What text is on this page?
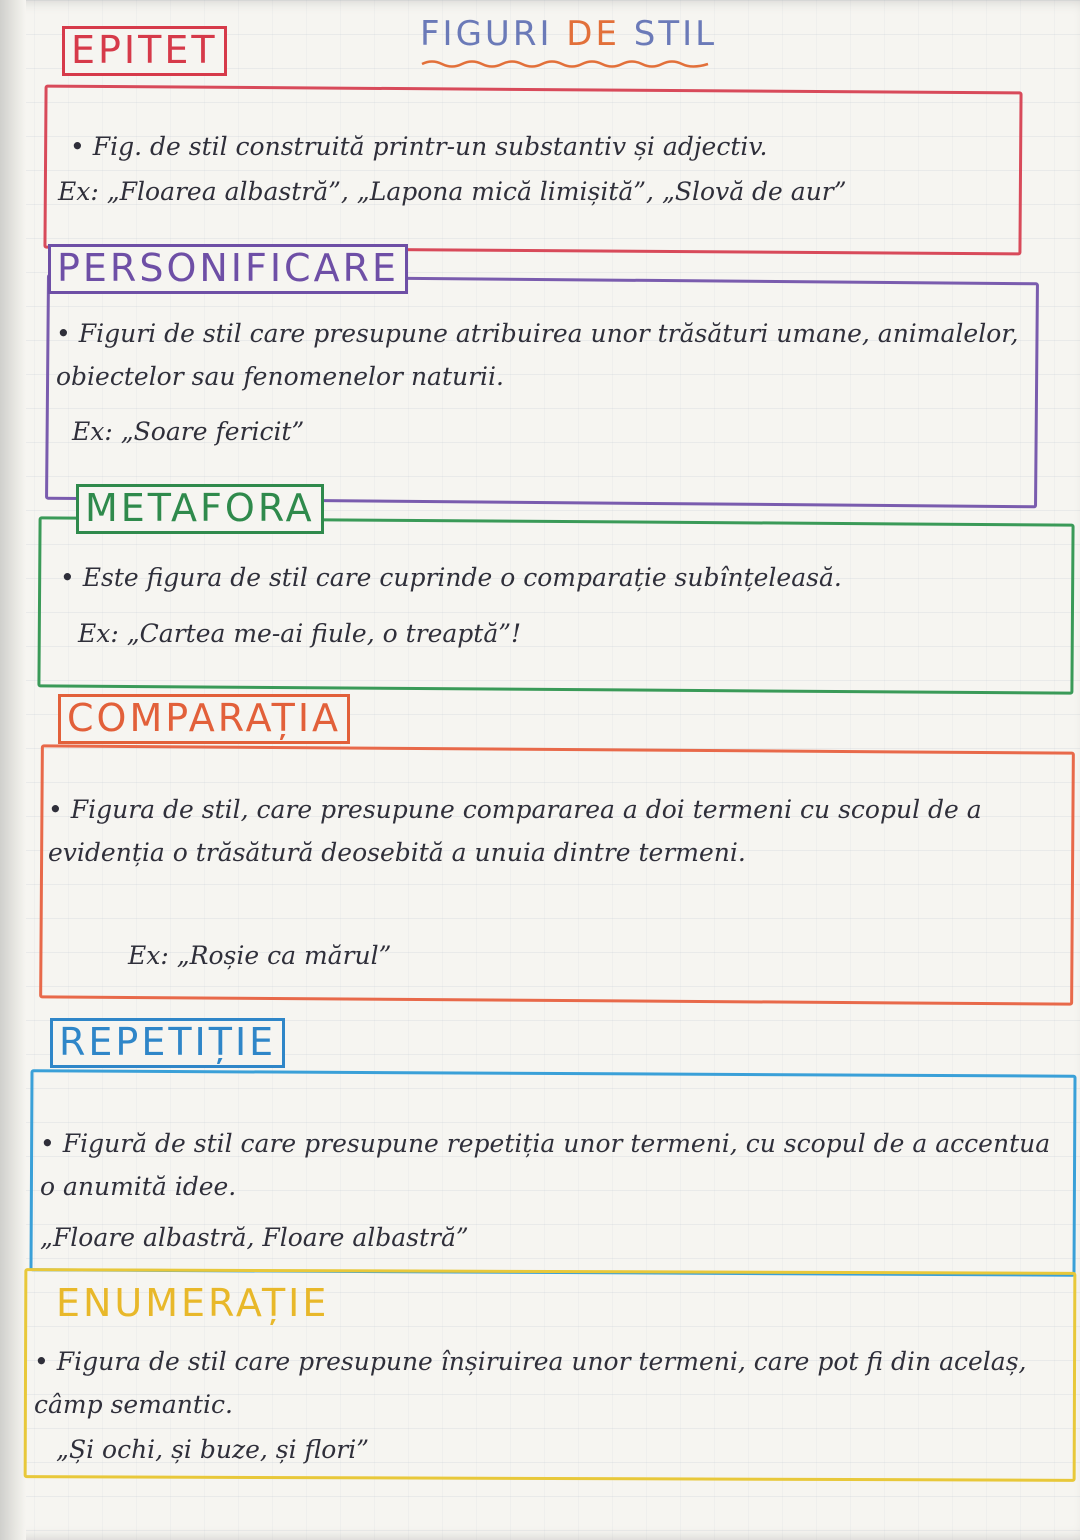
FIGURI DE STIL
EPITET

• Fig. de stil construită printr-un substantiv și adjectiv.

Ex: „Floarea albastră”, „Lapona mică limișită”, „Slovă de aur”

PERSONIFICARE

• Figuri de stil care presupune atribuirea unor trăsături umane, animalelor, obiectelor sau fenomenelor naturii.

Ex: „Soare fericit”

METAFORA

• Este figura de stil care cuprinde o comparație subînțeleasă.

Ex: „Cartea me-ai fiule, o treaptă”!

COMPARAȚIA

• Figura de stil, care presupune compararea a doi termeni cu scopul de a evidenția o trăsătură deosebită a unuia dintre termeni.

Ex: „Roșie ca mărul”

REPETIȚIE

• Figură de stil care presupune repetiția unor termeni, cu scopul de a accentua o anumită idee.

„Floare albastră, Floare albastră”

ENUMERAȚIE

• Figura de stil care presupune înșiruirea unor termeni, care pot fi din acelaș, câmp semantic.

„Și ochi, și buze, și flori”
